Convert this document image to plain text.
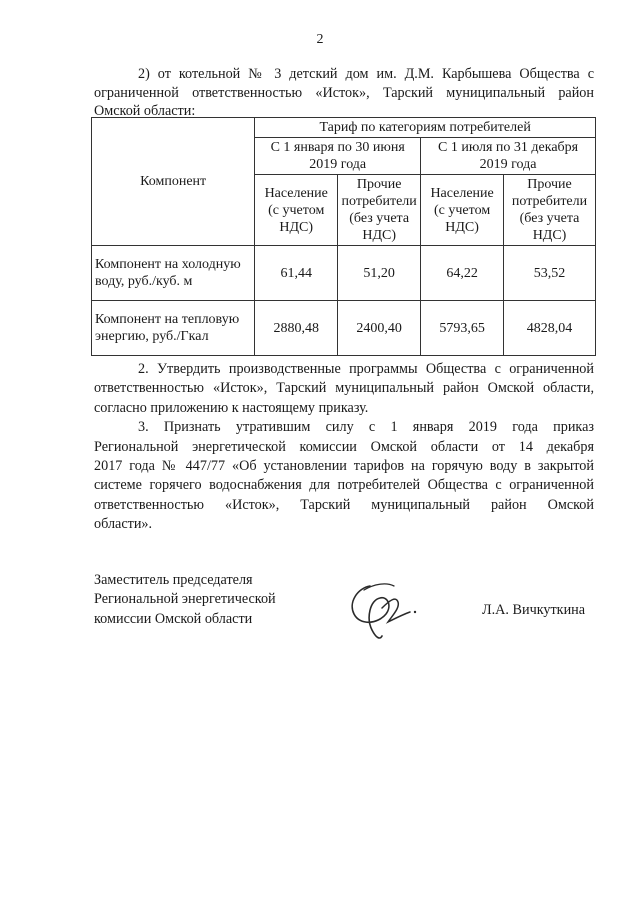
2
2) от котельной № 3 детский дом им. Д.М. Карбышева Общества с
ограниченной ответственностью «Исток», Тарский муниципальный район
Омской области:
Компонент	Тариф по категориям потребителей			
	С 1 января по 30 июня 2019 года		С 1 июля по 31 декабря 2019 года	
	Население (с учетом НДС)	Прочие потребители (без учета НДС)	Население (с учетом НДС)	Прочие потребители (без учета НДС)
Компонент на холодную воду, руб./куб. м	61,44	51,20	64,22	53,52
Компонент на тепловую энергию, руб./Гкал	2880,48	2400,40	5793,65	4828,04

2. Утвердить производственные программы Общества с ограниченной

ответственностью «Исток», Тарский муниципальный район Омской области,

согласно приложению к настоящему приказу.

3. Признать утратившим силу с 1 января 2019 года приказ

Региональной энергетической комиссии Омской области от 14 декабря

2017 года № 447/77 «Об установлении тарифов на горячую воду в закрытой

системе горячего водоснабжения для потребителей Общества с ограниченной

ответственностью «Исток», Тарский муниципальный район Омской

области».

Заместитель председателя
Региональной энергетической
комиссии Омской области
Л.А. Вичкуткина
